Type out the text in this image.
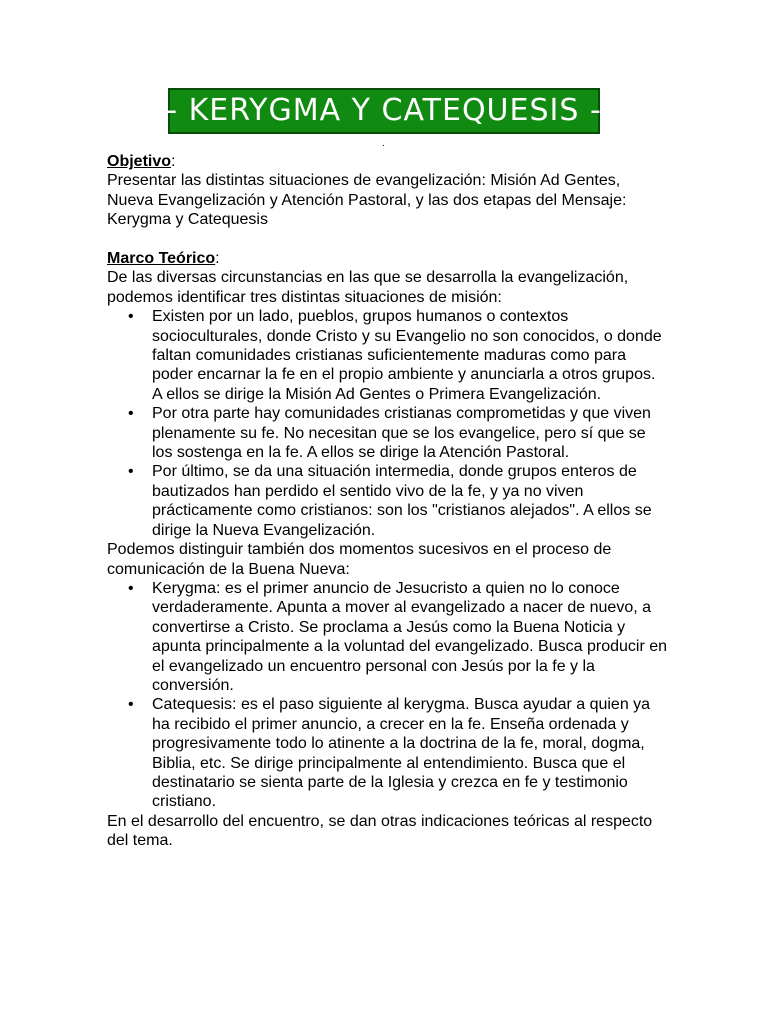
- KERYGMA Y CATEQUESIS -
.

Objetivo:

Presentar las distintas situaciones de evangelización: Misión Ad Gentes, Nueva Evangelización y Atención Pastoral, y las dos etapas del Mensaje: Kerygma y Catequesis

Marco Teórico:

De las diversas circunstancias en las que se desarrolla la evangelización, podemos identificar tres distintas situaciones de misión:

• Existen por un lado, pueblos, grupos humanos o contextos socioculturales, donde Cristo y su Evangelio no son conocidos, o donde faltan comunidades cristianas suficientemente maduras como para poder encarnar la fe en el propio ambiente y anunciarla a otros grupos. A ellos se dirige la Misión Ad Gentes o Primera Evangelización.
• Por otra parte hay comunidades cristianas comprometidas y que viven plenamente su fe. No necesitan que se los evangelice, pero sí que se los sostenga en la fe. A ellos se dirige la Atención Pastoral.
• Por último, se da una situación intermedia, donde grupos enteros de bautizados han perdido el sentido vivo de la fe, y ya no viven prácticamente como cristianos: son los "cristianos alejados". A ellos se dirige la Nueva Evangelización.

Podemos distinguir también dos momentos sucesivos en el proceso de comunicación de la Buena Nueva:

• Kerygma: es el primer anuncio de Jesucristo a quien no lo conoce verdaderamente. Apunta a mover al evangelizado a nacer de nuevo, a convertirse a Cristo. Se proclama a Jesús como la Buena Noticia y apunta principalmente a la voluntad del evangelizado. Busca producir en el evangelizado un encuentro personal con Jesús por la fe y la conversión.
• Catequesis: es el paso siguiente al kerygma. Busca ayudar a quien ya ha recibido el primer anuncio, a crecer en la fe. Enseña ordenada y progresivamente todo lo atinente a la doctrina de la fe, moral, dogma, Biblia, etc. Se dirige principalmente al entendimiento. Busca que el destinatario se sienta parte de la Iglesia y crezca en fe y testimonio cristiano.

En el desarrollo del encuentro, se dan otras indicaciones teóricas al respecto del tema.
